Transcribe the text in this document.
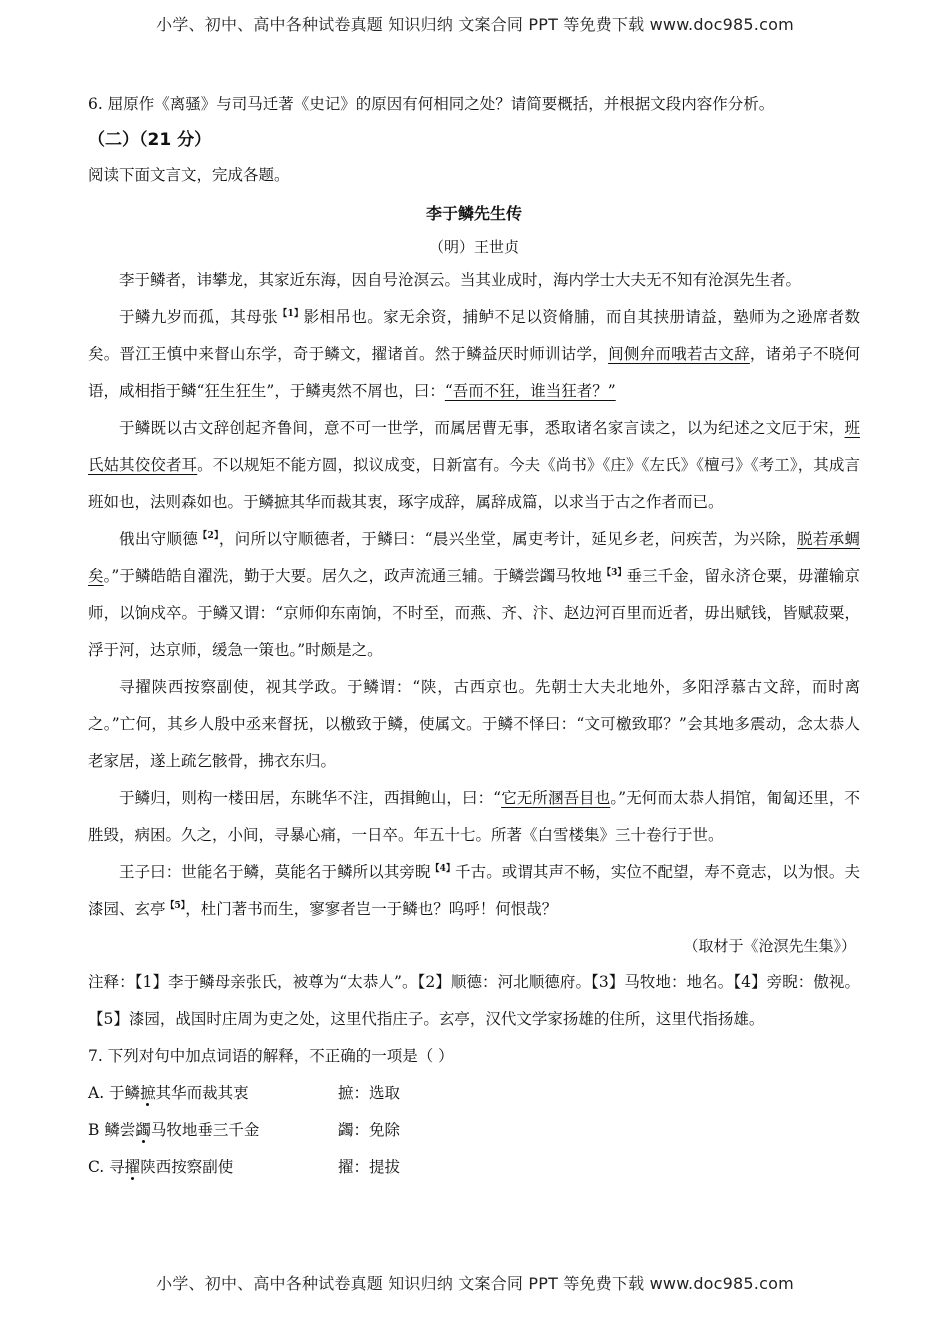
小学、初中、高中各种试卷真题 知识归纳 文案合同 PPT 等免费下载 www.doc985.com

6. 屈原作《离骚》与司马迁著《史记》的原因有何相同之处？请简要概括，并根据文段内容作分析。

（二）（21 分）

阅读下面文言文，完成各题。

李于鳞先生传

（明）王世贞

李于鳞者，讳攀龙，其家近东海，因自号沧溟云。当其业成时，海内学士大夫无不知有沧溟先生者。

于鳞九岁而孤，其母张$^{【1】}$影相吊也。家无余资，捕鲈不足以资脩脯，而自其挟册请益，塾师为之逊席者数矣。晋江王慎中来督山东学，奇于鳞文，擢诸首。然于鳞益厌时师训诂学，间侧弁而哦若古文辞，诸弟子不晓何语，咸相指于鳞“狂生狂生”，于鳞夷然不屑也，曰：“吾而不狂，谁当狂者？”

于鳞既以古文辞创起齐鲁间，意不可一世学，而属居曹无事，悉取诸名家言读之，以为纪述之文厄于宋，班氏姑其佼佼者耳。不以规矩不能方圆，拟议成变，日新富有。今夫《尚书》《庄》《左氏》《檀弓》《考工》，其成言班如也，法则森如也。于鳞摭其华而裁其衷，琢字成辞，属辞成篇，以求当于古之作者而已。

俄出守顺德$^{【2】}$，问所以守顺德者，于鳞曰：“晨兴坐堂，属吏考计，延见乡老，问疾苦，为兴除，脱若承蜩矣。”于鳞皓皓自濯洗，勤于大要。居久之，政声流通三辅。于鳞尝蠲马牧地$^{【3】}$垂三千金，留永济仓粟，毋灌输京师，以饷戍卒。于鳞又谓：“京师仰东南饷，不时至，而燕、齐、汴、赵边河百里而近者，毋出赋钱，皆赋菽粟，浮于河，达京师，缓急一策也。”时颇是之。

寻擢陕西按察副使，视其学政。于鳞谓：“陕，古西京也。先朝士大夫北地外，多阳浮慕古文辞，而时离之。”亡何，其乡人殷中丞来督抚，以檄致于鳞，使属文。于鳞不怿曰：“文可檄致耶？”会其地多震动，念太恭人老家居，遂上疏乞骸骨，拂衣东归。

于鳞归，则构一楼田居，东眺华不注，西揖鲍山，曰：“它无所溷吾目也。”无何而太恭人捐馆，匍匐还里，不胜毁，病困。久之，小间，寻暴心痛，一日卒。年五十七。所著《白雪楼集》三十卷行于世。

王子曰：世能名于鳞，莫能名于鳞所以其旁睨$^{【4】}$千古。或谓其声不畅，实位不配望，寿不竟志，以为恨。夫漆园、玄亭$^{【5】}$，杜门著书而生，寥寥者岂一于鳞也？呜呼！何恨哉？

（取材于《沧溟先生集》）

注释：【1】李于鳞母亲张氏，被尊为“太恭人”。【2】顺德：河北顺德府。【3】马牧地：地名。【4】旁睨：傲视。【5】漆园，战国时庄周为吏之处，这里代指庄子。玄亭，汉代文学家扬雄的住所，这里代指扬雄。

7. 下列对句中加点词语的解释，不正确的一项是（ ）

A. 于鳞摭其华而裁其衷	摭：选取
B 鳞尝蠲马牧地垂三千金	蠲：免除
C. 寻擢陕西按察副使	擢：提拔
小学、初中、高中各种试卷真题 知识归纳 文案合同 PPT 等免费下载 www.doc985.com
